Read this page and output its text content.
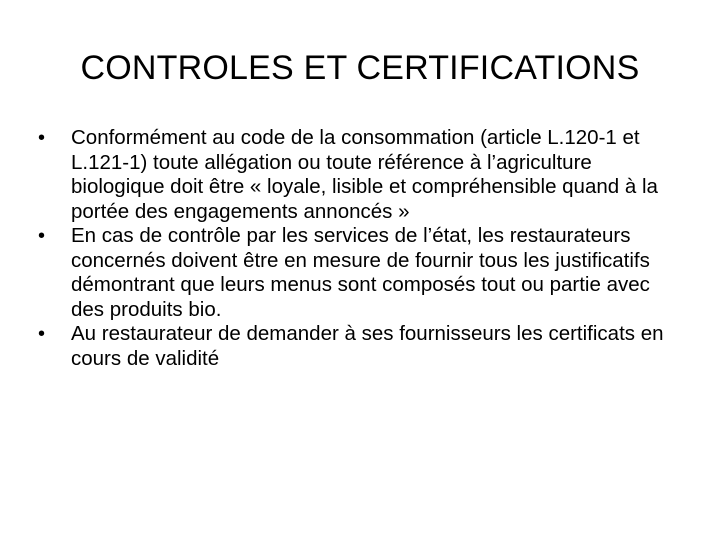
CONTROLES ET CERTIFICATIONS
•	Conformément au code de la consommation (article L.120-1 et L.121-1) toute allégation ou toute référence à l’agriculture biologique doit être « loyale, lisible et compréhensible quand à la portée des engagements annoncés »
•	En cas de contrôle par les services de l’état, les restaurateurs concernés doivent être en mesure de fournir tous les justificatifs démontrant que leurs menus sont composés tout ou partie avec des produits bio.
•	Au restaurateur de demander à ses fournisseurs les certificats en cours de validité
